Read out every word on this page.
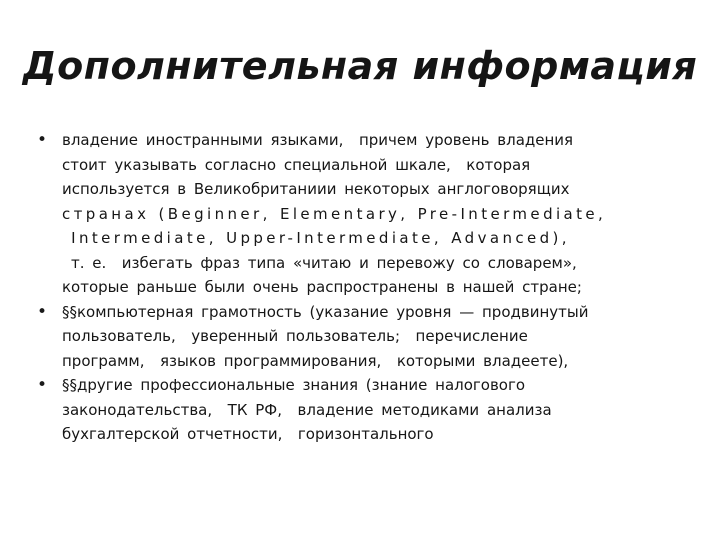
Дополнительная информация
• владение иностранными языками,  причем уровень владения
стоит указывать согласно специальной шкале,  которая
используется в Великобританиии некоторых англоговорящих
странах (Beginner, Elementary, Pre-Intermediate,
Intermediate, Upper-Intermediate, Advanced),
т. е.  избегать фраз типа «читаю и перевожу со словарем»,
которые раньше были очень распространены в нашей стране;
• §§компьютерная грамотность (указание уровня — продвинутый
пользователь,  уверенный пользователь;  перечисление
программ,  языков программирования,  которыми владеете),
• §§другие профессиональные знания (знание налогового
законодательства,  ТК РФ,  владение методиками анализа
бухгалтерской отчетности,  горизонтального
